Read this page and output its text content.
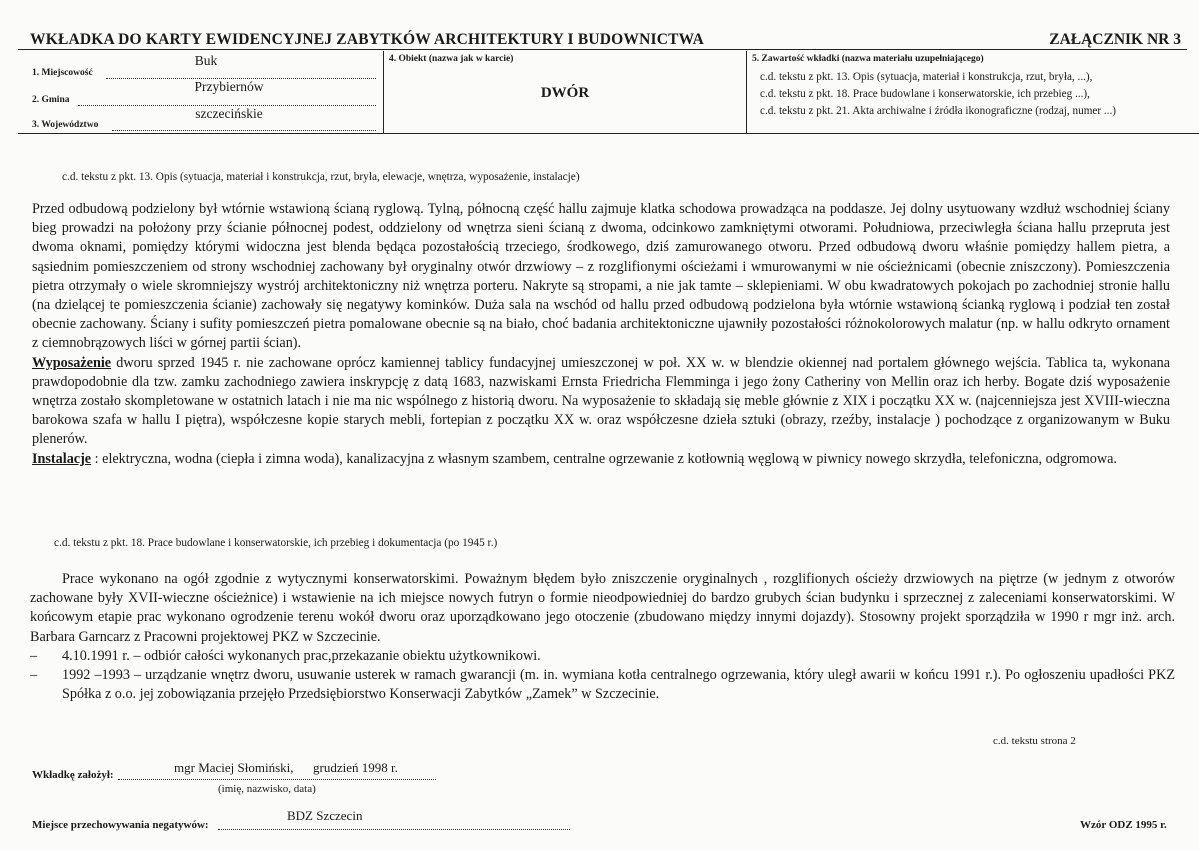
WKŁADKA DO KARTY EWIDENCYJNEJ ZABYTKÓW ARCHITEKTURY I BUDOWNICTWA	ZAŁĄCZNIK NR 3
1. Miejscowość
Buk
2. Gmina
Przybiernów
3. Województwo
szczecińskie
4. Obiekt (nazwa jak w karcie)
DWÓR
5. Zawartość wkładki (nazwa materiału uzupełniającego)
c.d. tekstu z pkt. 13. Opis (sytuacja, materiał i konstrukcja, rzut, bryła, ...),
c.d. tekstu z pkt. 18. Prace budowlane i konserwatorskie, ich przebieg ...),
c.d. tekstu z pkt. 21. Akta archiwalne i źródła ikonograficzne (rodzaj, numer ...)
c.d. tekstu z pkt. 13. Opis (sytuacja, materiał i konstrukcja, rzut, bryła, elewacje, wnętrza, wyposażenie, instalacje)
Przed odbudową podzielony był wtórnie wstawioną ścianą ryglową. Tylną, północną część hallu zajmuje klatka schodowa prowadząca na poddasze. Jej dolny usytuowany wzdłuż wschodniej ściany bieg prowadzi na położony przy ścianie północnej podest, oddzielony od wnętrza sieni ścianą z dwoma, odcinkowo zamkniętymi otworami. Południowa, przeciwległa ściana hallu przepruta jest dwoma oknami, pomiędzy którymi widoczna jest blenda będąca pozostałością trzeciego, środkowego, dziś zamurowanego otworu. Przed odbudową dworu właśnie pomiędzy hallem pietra, a sąsiednim pomieszczeniem od strony wschodniej zachowany był oryginalny otwór drzwiowy – z rozglifionymi ościeżami i wmurowanymi w nie ościeżnicami (obecnie zniszczony). Pomieszczenia pietra otrzymały o wiele skromniejszy wystrój architektoniczny niż wnętrza porteru. Nakryte są stropami, a nie jak tamte – sklepieniami. W obu kwadratowych pokojach po zachodniej stronie hallu (na dzielącej te pomieszczenia ścianie) zachowały się negatywy kominków. Duża sala na wschód od hallu przed odbudową podzielona była wtórnie wstawioną ścianką ryglową i podział ten został obecnie zachowany. Ściany i sufity pomieszczeń pietra pomalowane obecnie są na biało, choć badania architektoniczne ujawniły pozostałości różnokolorowych malatur (np. w hallu odkryto ornament z ciemnobrązowych liści w górnej partii ścian).
Wyposażenie dworu sprzed 1945 r. nie zachowane oprócz kamiennej tablicy fundacyjnej umieszczonej w poł. XX w. w blendzie okiennej nad portalem głównego wejścia. Tablica ta, wykonana prawdopodobnie dla tzw. zamku zachodniego zawiera inskrypcję z datą 1683, nazwiskami Ernsta Friedricha Flemminga i jego żony Catheriny von Mellin oraz ich herby. Bogate dziś wyposażenie wnętrza zostało skompletowane w ostatnich latach i nie ma nic wspólnego z historią dworu. Na wyposażenie to składają się meble głównie z XIX i początku XX w. (najcenniejsza jest XVIII-wieczna barokowa szafa w hallu I piętra), współczesne kopie starych mebli, fortepian z początku XX w. oraz współczesne dzieła sztuki (obrazy, rzeźby, instalacje ) pochodzące z organizowanym w Buku plenerów.
Instalacje : elektryczna, wodna (ciepła i zimna woda), kanalizacyjna z własnym szambem, centralne ogrzewanie z kotłownią węglową w piwnicy nowego skrzydła, telefoniczna, odgromowa.
c.d. tekstu z pkt. 18. Prace budowlane i konserwatorskie, ich przebieg i dokumentacja (po 1945 r.)
Prace wykonano na ogół zgodnie z wytycznymi konserwatorskimi. Poważnym błędem było zniszczenie oryginalnych , rozglifionych ościeży drzwiowych na piętrze (w jednym z otworów zachowane były XVII-wieczne ościeżnice) i wstawienie na ich miejsce nowych futryn o formie nieodpowiedniej do bardzo grubych ścian budynku i sprzecznej z zaleceniami konserwatorskimi. W końcowym etapie prac wykonano ogrodzenie terenu wokół dworu oraz uporządkowano jego otoczenie (zbudowano między innymi dojazdy). Stosowny projekt sporządziła w 1990 r mgr inż. arch. Barbara Garncarz z Pracowni projektowej PKZ w Szczecinie.
–	4.10.1991 r. – odbiór całości wykonanych prac,przekazanie obiektu użytkownikowi.
–	1992 –1993 – urządzanie wnętrz dworu, usuwanie usterek w ramach gwarancji (m. in. wymiana kotła centralnego ogrzewania, który uległ awarii w końcu 1991 r.). Po ogłoszeniu upadłości PKZ Spółka z o.o. jej zobowiązania przejęło Przedsiębiorstwo Konserwacji Zabytków „Zamek” w Szczecinie.
c.d. tekstu strona 2
Wkładkę założył:	mgr Maciej Słomiński,      grudzień 1998 r.
(imię, nazwisko, data)
Miejsce przechowywania negatywów:
BDZ Szczecin
Wzór ODZ 1995 r.
